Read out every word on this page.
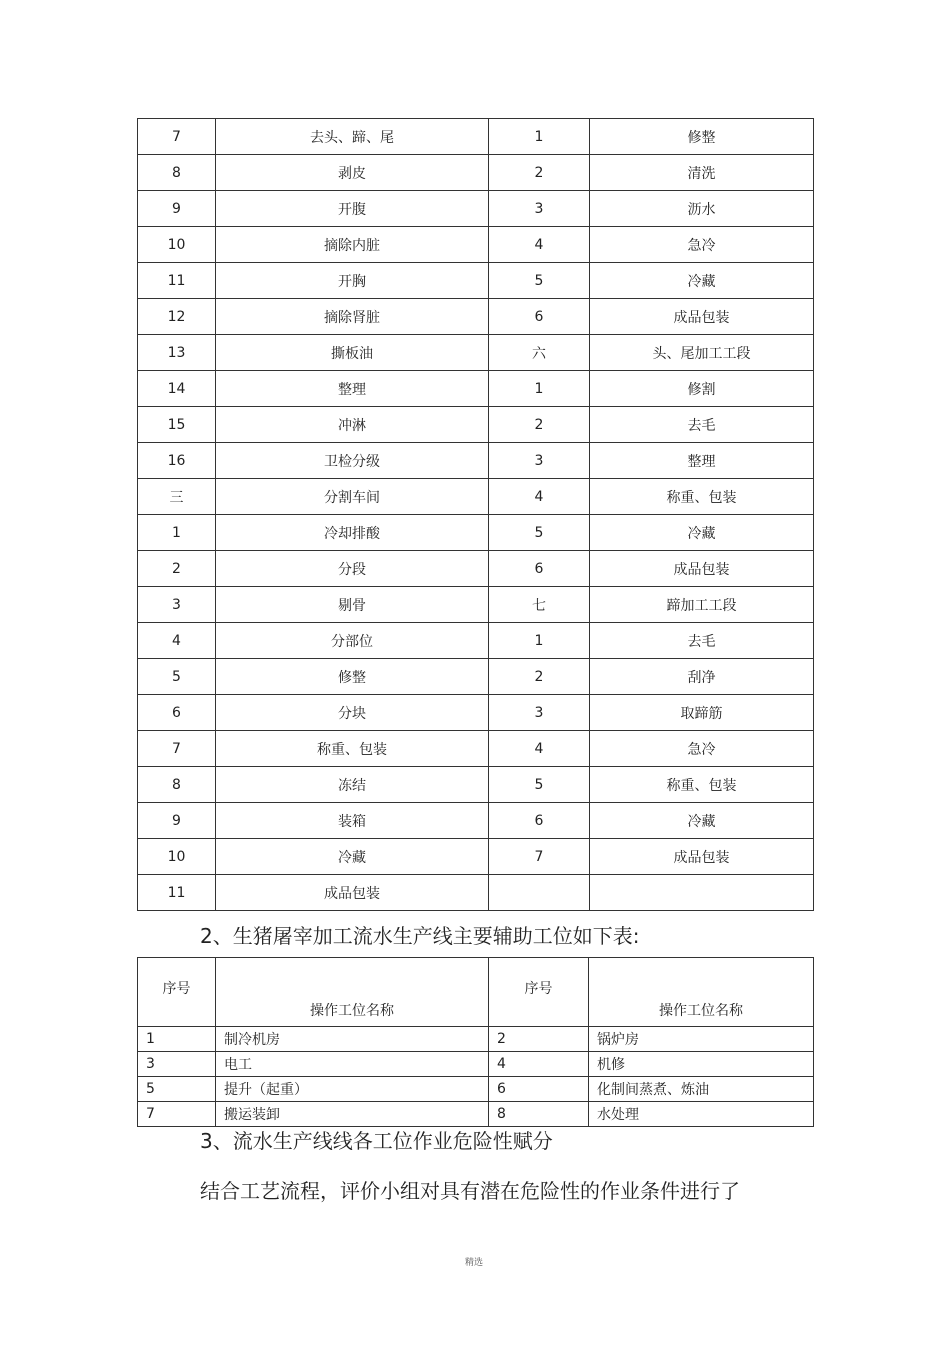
7	去头、蹄、尾	1	修整
8	剥皮	2	清洗
9	开腹	3	沥水
10	摘除内脏	4	急冷
11	开胸	5	冷藏
12	摘除肾脏	6	成品包装
13	撕板油	六	头、尾加工工段
14	整理	1	修割
15	冲淋	2	去毛
16	卫检分级	3	整理
三	分割车间	4	称重、包装
1	冷却排酸	5	冷藏
2	分段	6	成品包装
3	剔骨	七	蹄加工工段
4	分部位	1	去毛
5	修整	2	刮净
6	分块	3	取蹄筋
7	称重、包装	4	急冷
8	冻结	5	称重、包装
9	装箱	6	冷藏
10	冷藏	7	成品包装
11	成品包装		
2、生猪屠宰加工流水生产线主要辅助工位如下表:
序号	操作工位名称	序号	操作工位名称
1	制冷机房	2	锅炉房
3	电工	4	机修
5	提升（起重）	6	化制间蒸煮、炼油
7	搬运装卸	8	水处理
3、流水生产线线各工位作业危险性赋分
结合工艺流程，评价小组对具有潜在危险性的作业条件进行了
精选
